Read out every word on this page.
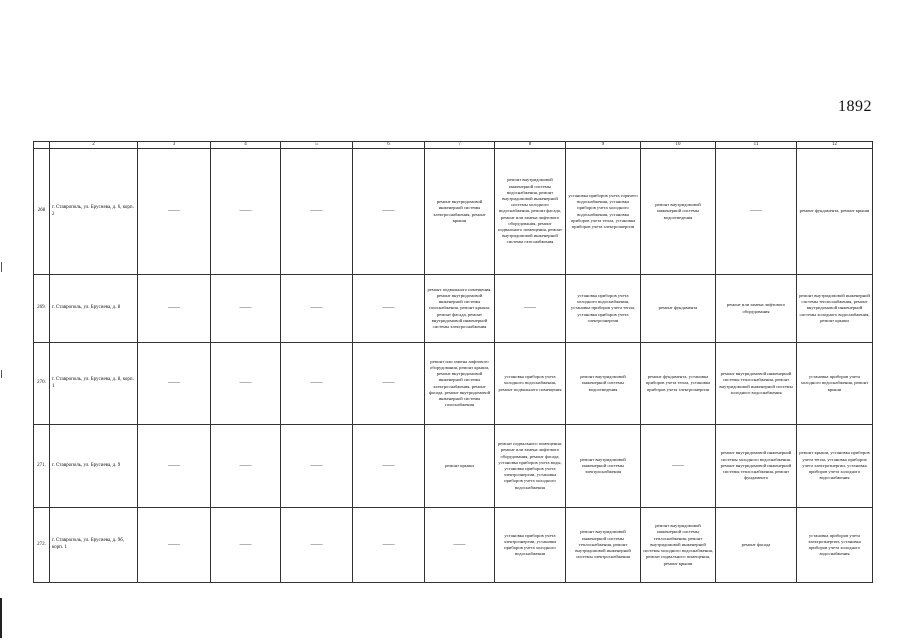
1892
	2	3	4	5	6	7	8	9	10	11	12
268	г. Ставрополь, ул. Бруснева, д. 6, корп. 2	——	——	——	——	ремонт внутридомовой инженерной системы электроснабжения, ремонт крыши	ремонт внутридомовой инженерной системы водоснабжения, ремонт внутридомовой инженерной системы холодного водоснабжения, ремонт фасада, ремонт или замена лифтового оборудования, ремонт подвального помещения, ремонт внутридомовой инженерной системы газоснабжения	установка приборов учета горячего водоснабжения, установка приборов учета холодного водоснабжения, установка приборов учета тепла, установка приборов учета электроэнергии	ремонт внутридомовой инженерной системы водоотведения	——	ремонт фундамента, ремонт крыши
269.	г. Ставрополь, ул. Брусиева, д. 8	——	——	——	——	ремонт подвального помещения, ремонт внутридомовой инженерной системы газоснабжения, ремонт крыши, ремонт фасада, ремонт внутридомовой инженерной системы электроснабжения	——	установка приборов учета холодного водоснабжения, установка приборов учета тепла, установка приборов учета электроэнергии	ремонт фундамента	ремонт или замена лифтового оборудования	ремонт внутридомовой инженерной системы теплоснабжения, ремонт внутридомовой инженерной системы холодного водоснабжения, ремонт крыши
270.	г. Ставрополь, ул. Брусиева, д. 8, корп. 1	——	——	——	——	ремонт или замена лифтового оборудования, ремонт крыши, ремонт внутридомовой инженерной системы электроснабжения, ремонт фасада, ремонт внутридомовой инженерной системы газоснабжения	установка приборов учета холодного водоснабжения, ремонт подвального помещения	ремонт внутридомовой инженерной системы водоотведения	ремонт фундамента, установка приборов учета тепла, установка приборов учета электроэнергии	ремонт внутридомовой инженерной системы теплоснабжения, ремонт внутридомовой инженерной системы холодного водоснабжения	установка приборов учета холодного водоснабжения, ремонт крыши
271.	г. Ставрополь, ул. Брусиева, д. 9	——	——	——	——	ремонт крыши	ремонт подвального помещения, ремонт или замена лифтового оборудования, ремонт фасада, установка приборов учета воды, установка приборов учета электроэнергии, установка приборов учета холодного водоснабжения	ремонт внутридомовой инженерной системы электроснабжения	——	ремонт внутридомовой инженерной системы холодного водоснабжения, ремонт внутридомовой инженерной системы теплоснабжения, ремонт фундамента	ремонт крыши, установка приборов учета тепла, установка приборов учета электроэнергии, установка приборов учета холодного водоснабжения
272.	г. Ставрополь, ул. Брусиева, д. 9б, корп. 1	——	——	——	——	——	установка приборов учета электроэнергии, установка приборов учета холодного водоснабжения	ремонт внутридомовой инженерной системы теплоснабжения, ремонт внутридомовой инженерной системы электроснабжения	ремонт внутридомовой инженерной системы теплоснабжения, ремонт внутридомовой инженерной системы холодного водоснабжения, ремонт подвального помещения, ремонт крыши	ремонт фасада	установка приборов учета электроэнергии, установка приборов учета холодного водоснабжения
